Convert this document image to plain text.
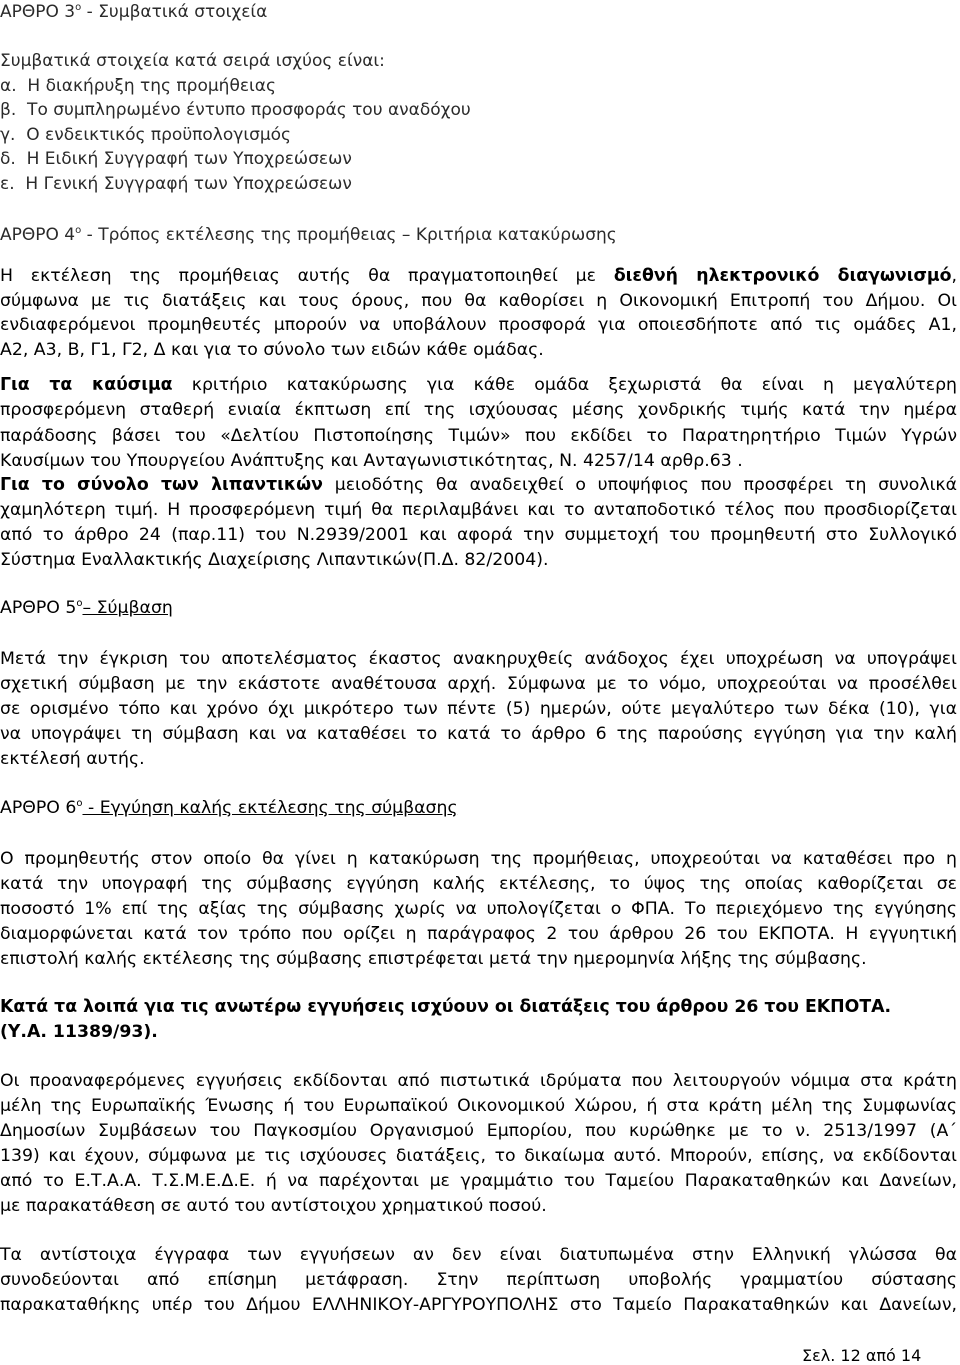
ΑΡΘΡΟ $3^o$ - Συμβατικά στοιχεία
Συμβατικά στοιχεία κατά σειρά ισχύος είναι:
α.  Η διακήρυξη της προμήθειας
β.  Το συμπληρωμένο έντυπο προσφοράς του αναδόχου
γ.  Ο ενδεικτικός προϋπολογισμός
δ.  Η Ειδική Συγγραφή των Υποχρεώσεων
ε.  Η Γενική Συγγραφή των Υποχρεώσεων
ΑΡΘΡΟ $4^o$ - Τρόπος εκτέλεσης της προμήθειας – Κριτήρια κατακύρωσης
Η εκτέλεση της προμήθειας αυτής θα πραγματοποιηθεί με διεθνή ηλεκτρονικό διαγωνισμό,
σύμφωνα με τις διατάξεις και τους όρους, που θα καθορίσει η Οικονομική Επιτροπή του Δήμου. Οι
ενδιαφερόμενοι προμηθευτές μπορούν να υποβάλουν προσφορά για οποιεσδήποτε από τις ομάδες Α1,
Α2, Α3, Β, Γ1, Γ2, Δ και για το σύνολο των ειδών κάθε ομάδας.
Για τα καύσιμα κριτήριο κατακύρωσης για κάθε ομάδα ξεχωριστά θα είναι η μεγαλύτερη
προσφερόμενη σταθερή ενιαία έκπτωση επί της ισχύουσας μέσης χονδρικής τιμής κατά την ημέρα
παράδοσης βάσει του «Δελτίου Πιστοποίησης Τιμών» που εκδίδει το Παρατηρητήριο Τιμών Υγρών
Καυσίμων του Υπουργείου Ανάπτυξης και Ανταγωνιστικότητας, Ν. 4257/14 αρθρ.63 .
Για το σύνολο των λιπαντικών μειοδότης θα αναδειχθεί ο υποψήφιος που προσφέρει τη συνολικά
χαμηλότερη τιμή. Η προσφερόμενη τιμή θα περιλαμβάνει και το ανταποδοτικό τέλος που προσδιορίζεται
από το άρθρο 24 (παρ.11) του Ν.2939/2001 και αφορά την συμμετοχή του προμηθευτή στο Συλλογικό
Σύστημα Εναλλακτικής Διαχείρισης Λιπαντικών(Π.Δ. 82/2004).
ΑΡΘΡΟ $5^o-$ Σύμβαση
Μετά την έγκριση του αποτελέσματος έκαστος ανακηρυχθείς ανάδοχος έχει υποχρέωση να υπογράψει
σχετική σύμβαση με την εκάστοτε αναθέτουσα αρχή. Σύμφωνα με το νόμο, υποχρεούται να προσέλθει
σε ορισμένο τόπο και χρόνο όχι μικρότερο των πέντε (5) ημερών, ούτε μεγαλύτερο των δέκα (10), για
να υπογράψει τη σύμβαση και να καταθέσει το κατά το άρθρο 6 της παρούσης εγγύηση για την καλή
εκτέλεσή αυτής.
ΑΡΘΡΟ $6^o$ - Εγγύηση καλής εκτέλεσης της σύμβασης
Ο προμηθευτής στον οποίο θα γίνει η κατακύρωση της προμήθειας, υποχρεούται να καταθέσει προ η
κατά την υπογραφή της σύμβασης εγγύηση καλής εκτέλεσης, το ύψος της οποίας καθορίζεται σε
ποσοστό 1% επί της αξίας της σύμβασης χωρίς να υπολογίζεται ο ΦΠΑ. Το περιεχόμενο της εγγύησης
διαμορφώνεται κατά τον τρόπο που ορίζει η παράγραφος 2 του άρθρου 26 του ΕΚΠΟΤΑ. Η εγγυητική
επιστολή καλής εκτέλεσης της σύμβασης επιστρέφεται μετά την ημερομηνία λήξης της σύμβασης.
Κατά τα λοιπά για τις ανωτέρω εγγυήσεις ισχύουν οι διατάξεις του άρθρου 26 του ΕΚΠΟΤΑ.
(Υ.Α. 11389/93).
Οι προαναφερόμενες εγγυήσεις εκδίδονται από πιστωτικά ιδρύματα που λειτουργούν νόμιμα στα κράτη
μέλη της Ευρωπαϊκής Ένωσης ή του Ευρωπαϊκού Οικονομικού Χώρου, ή στα κράτη μέλη της Συμφωνίας
Δημοσίων Συμβάσεων του Παγκοσμίου Οργανισμού Εμπορίου, που κυρώθηκε με το ν. 2513/1997 (Α΄
139) και έχουν, σύμφωνα με τις ισχύουσες διατάξεις, το δικαίωμα αυτό. Μπορούν, επίσης, να εκδίδονται
από το Ε.Τ.Α.Α. Τ.Σ.Μ.Ε.Δ.Ε. ή να παρέχονται με γραμμάτιο του Ταμείου Παρακαταθηκών και Δανείων,
με παρακατάθεση σε αυτό του αντίστοιχου χρηματικού ποσού.
Τα αντίστοιχα έγγραφα των εγγυήσεων αν δεν είναι διατυπωμένα στην Ελληνική γλώσσα θα
συνοδεύονται από επίσημη μετάφραση. Στην περίπτωση υποβολής γραμματίου σύστασης
παρακαταθήκης υπέρ του Δήμου ΕΛΛΗΝΙΚΟΥ-ΑΡΓΥΡΟΥΠΟΛΗΣ στο Ταμείο Παρακαταθηκών και Δανείων,
Σελ. 12 από 14
